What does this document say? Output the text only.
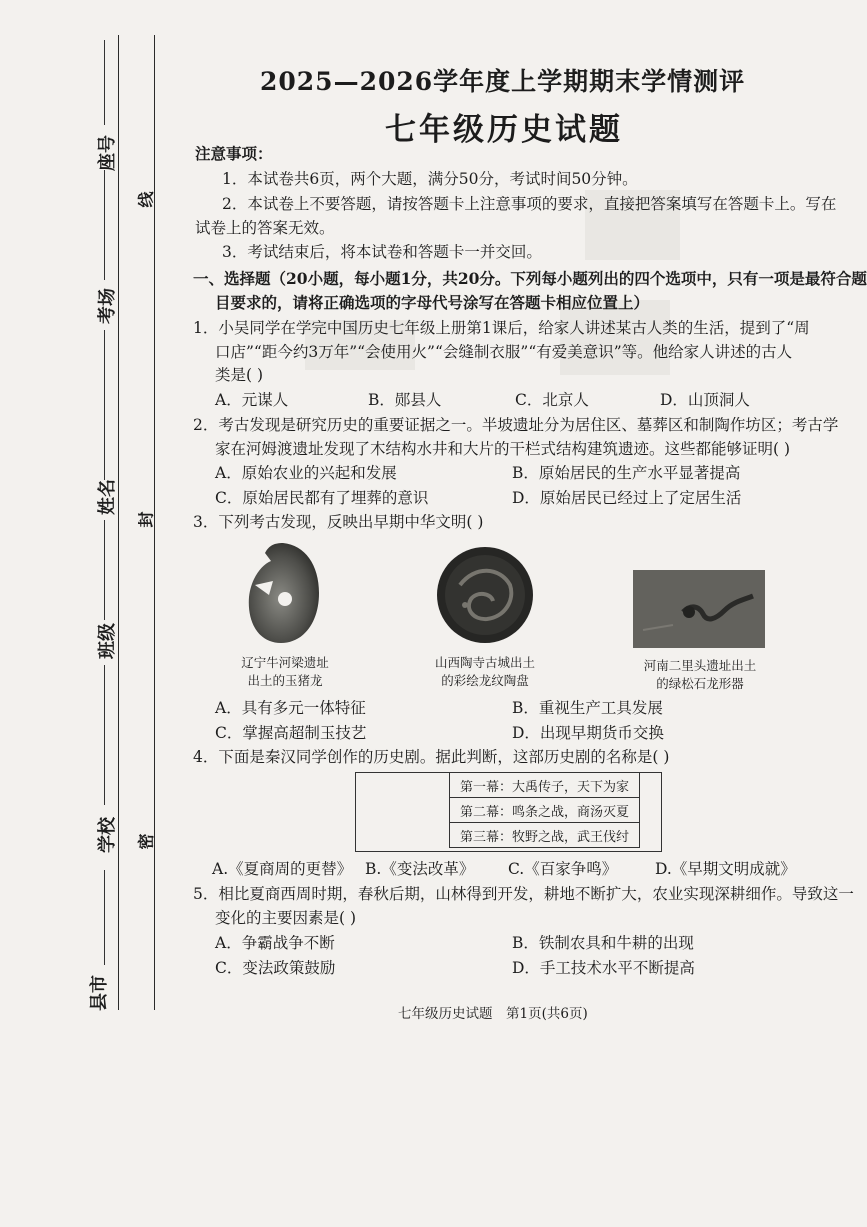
座号
线
考场
姓名
封
班级
学校 密
县市
2025—2026学年度上学期期末学情测评
七年级历史试题
注意事项：
1．本试卷共6页，两个大题，满分50分，考试时间50分钟。
2．本试卷上不要答题，请按答题卡上注意事项的要求，直接把答案填写在答题卡上。写在
试卷上的答案无效。
3．考试结束后，将本试卷和答题卡一并交回。
一、选择题（20小题，每小题1分，共20分。下列每小题列出的四个选项中，只有一项是最符合题
目要求的，请将正确选项的字母代号涂写在答题卡相应位置上）
1．小吴同学在学完中国历史七年级上册第1课后，给家人讲述某古人类的生活，提到了“周
口店”“距今约3万年”“会使用火”“会缝制衣服”“有爱美意识”等。他给家人讲述的古人
类是( )
A．元谋人	B．郧县人	C．北京人	D．山顶洞人
2．考古发现是研究历史的重要证据之一。半坡遗址分为居住区、墓葬区和制陶作坊区；考古学
家在河姆渡遗址发现了木结构水井和大片的干栏式结构建筑遗迹。这些都能够证明( )
A．原始农业的兴起和发展	B．原始居民的生产水平显著提高
C．原始居民都有了埋葬的意识	D．原始居民已经过上了定居生活
3．下列考古发现，反映出早期中华文明( )
辽宁牛河梁遗址
出土的玉猪龙
山西陶寺古城出土
的彩绘龙纹陶盘
河南二里头遗址出土
的绿松石龙形器
A．具有多元一体特征	B．重视生产工具发展
C．掌握高超制玉技艺	D．出现早期货币交换
4．下面是秦汉同学创作的历史剧。据此判断，这部历史剧的名称是( )
第一幕：大禹传子，天下为家
第二幕：鸣条之战，商汤灭夏
第三幕：牧野之战，武王伐纣
A.《夏商周的更替》 B.《变法改革》 C.《百家争鸣》 D.《早期文明成就》
5．相比夏商西周时期，春秋后期，山林得到开发，耕地不断扩大，农业实现深耕细作。导致这一
变化的主要因素是( )
A．争霸战争不断	B．铁制农具和牛耕的出现
C．变法政策鼓励	D．手工技术水平不断提高
七年级历史试题　第1页(共6页)
